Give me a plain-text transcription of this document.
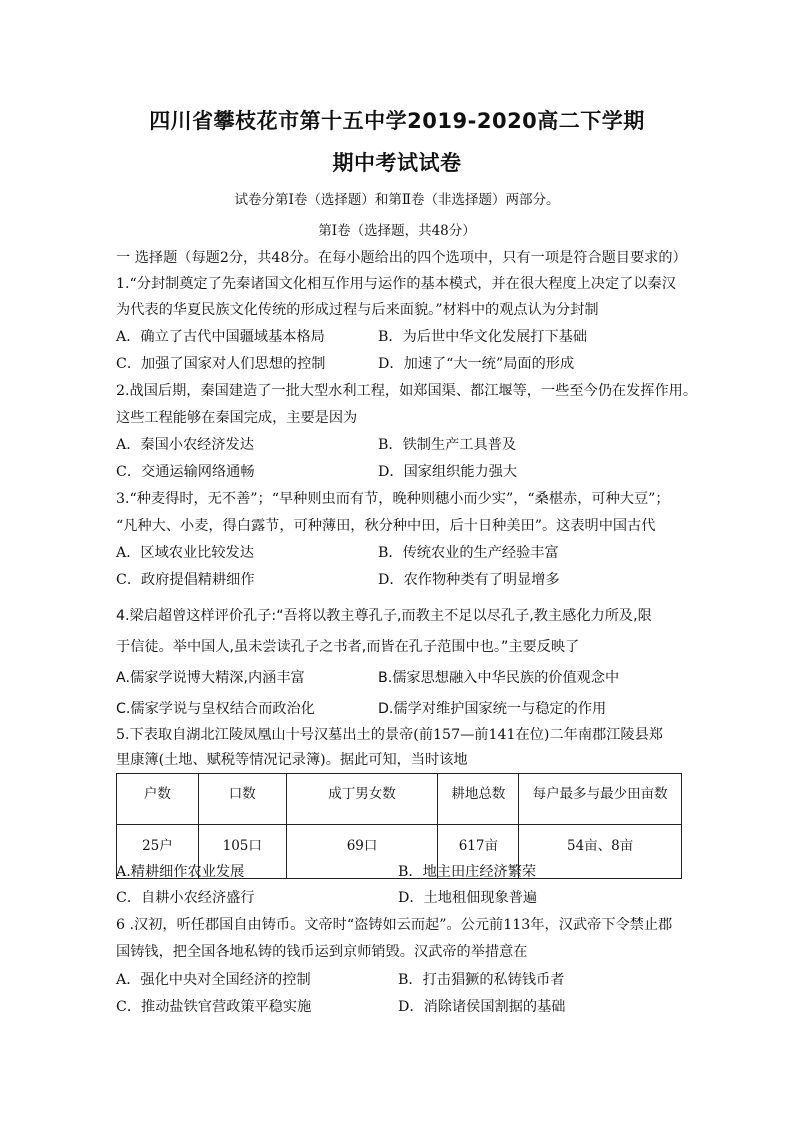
四川省攀枝花市第十五中学2019-2020高二下学期
期中考试试卷
试卷分第Ⅰ卷（选择题）和第Ⅱ卷（非选择题）两部分。
第Ⅰ卷（选择题，共48分）
一 选择题（每题2分，共48分。在每小题给出的四个选项中，只有一项是符合题目要求的）
1.“分封制奠定了先秦诸国文化相互作用与运作的基本模式，并在很大程度上决定了以秦汉
为代表的华夏民族文化传统的形成过程与后来面貌。”材料中的观点认为分封制
A．确立了古代中国疆域基本格局	B．为后世中华文化发展打下基础
C．加强了国家对人们思想的控制	D．加速了“大一统”局面的形成
2.战国后期，秦国建造了一批大型水利工程，如郑国渠、都江堰等，一些至今仍在发挥作用。
这些工程能够在秦国完成，主要是因为
A．秦国小农经济发达	B．铁制生产工具普及
C．交通运输网络通畅	D．国家组织能力强大
3.“种麦得时，无不善”；“早种则虫而有节，晚种则穗小而少实”，“桑椹赤，可种大豆”；
“凡种大、小麦，得白露节，可种薄田，秋分种中田，后十日种美田”。这表明中国古代
A．区域农业比较发达	B．传统农业的生产经验丰富
C．政府提倡精耕细作	D．农作物种类有了明显增多
4.梁启超曾这样评价孔子:“吾将以教主尊孔子,而教主不足以尽孔子,教主感化力所及,限
于信徒。举中国人,虽未尝读孔子之书者,而皆在孔子范围中也。”主要反映了
A.儒家学说博大精深,内涵丰富	B.儒家思想融入中华民族的价值观念中
C.儒家学说与皇权结合而政治化	D.儒学对维护国家统一与稳定的作用
5.下表取自湖北江陵凤凰山十号汉墓出土的景帝(前157—前141在位)二年南郡江陵县郑
里康簿(土地、赋税等情况记录簿)。据此可知，当时该地
户数	口数	成丁男女数	耕地总数	每户最多与最少田亩数
25户	105口	69口	617亩	54亩、8亩
A.精耕细作农业发展	B．地主田庄经济繁荣
C．自耕小农经济盛行	D．土地租佃现象普遍
6 .汉初，听任郡国自由铸币。文帝时“盗铸如云而起”。公元前113年，汉武帝下令禁止郡
国铸钱，把全国各地私铸的钱币运到京师销毁。汉武帝的举措意在
A．强化中央对全国经济的控制	B．打击猖獗的私铸钱币者
C．推动盐铁官营政策平稳实施	D．消除诸侯国割据的基础
